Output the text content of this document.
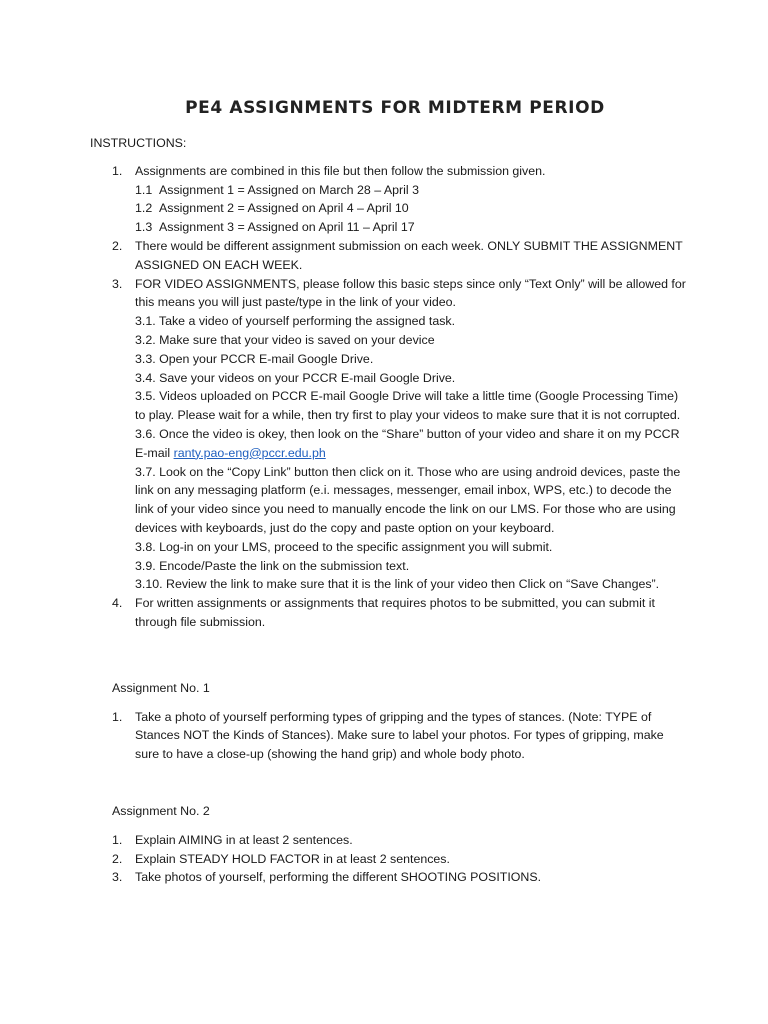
PE4 ASSIGNMENTS FOR MIDTERM PERIOD
INSTRUCTIONS:
1. Assignments are combined in this file but then follow the submission given.
1.1 Assignment 1 = Assigned on March 28 – April 3
1.2 Assignment 2 = Assigned on April 4 – April 10
1.3 Assignment 3 = Assigned on April 11 – April 17
2. There would be different assignment submission on each week. ONLY SUBMIT THE ASSIGNMENT ASSIGNED ON EACH WEEK.
3. FOR VIDEO ASSIGNMENTS, please follow this basic steps since only “Text Only” will be allowed for this means you will just paste/type in the link of your video.
3.1. Take a video of yourself performing the assigned task.
3.2. Make sure that your video is saved on your device
3.3. Open your PCCR E-mail Google Drive.
3.4. Save your videos on your PCCR E-mail Google Drive.
3.5. Videos uploaded on PCCR E-mail Google Drive will take a little time (Google Processing Time) to play. Please wait for a while, then try first to play your videos to make sure that it is not corrupted.
3.6. Once the video is okey, then look on the “Share” button of your video and share it on my PCCR E-mail ranty.pao-eng@pccr.edu.ph
3.7. Look on the “Copy Link” button then click on it. Those who are using android devices, paste the link on any messaging platform (e.i. messages, messenger, email inbox, WPS, etc.) to decode the link of your video since you need to manually encode the link on our LMS. For those who are using devices with keyboards, just do the copy and paste option on your keyboard.
3.8. Log-in on your LMS, proceed to the specific assignment you will submit.
3.9. Encode/Paste the link on the submission text.
3.10. Review the link to make sure that it is the link of your video then Click on “Save Changes”.
4. For written assignments or assignments that requires photos to be submitted, you can submit it through file submission.
Assignment No. 1
1. Take a photo of yourself performing types of gripping and the types of stances. (Note: TYPE of Stances NOT the Kinds of Stances). Make sure to label your photos. For types of gripping, make sure to have a close-up (showing the hand grip) and whole body photo.
Assignment No. 2
1. Explain AIMING in at least 2 sentences.
2. Explain STEADY HOLD FACTOR in at least 2 sentences.
3. Take photos of yourself, performing the different SHOOTING POSITIONS.
